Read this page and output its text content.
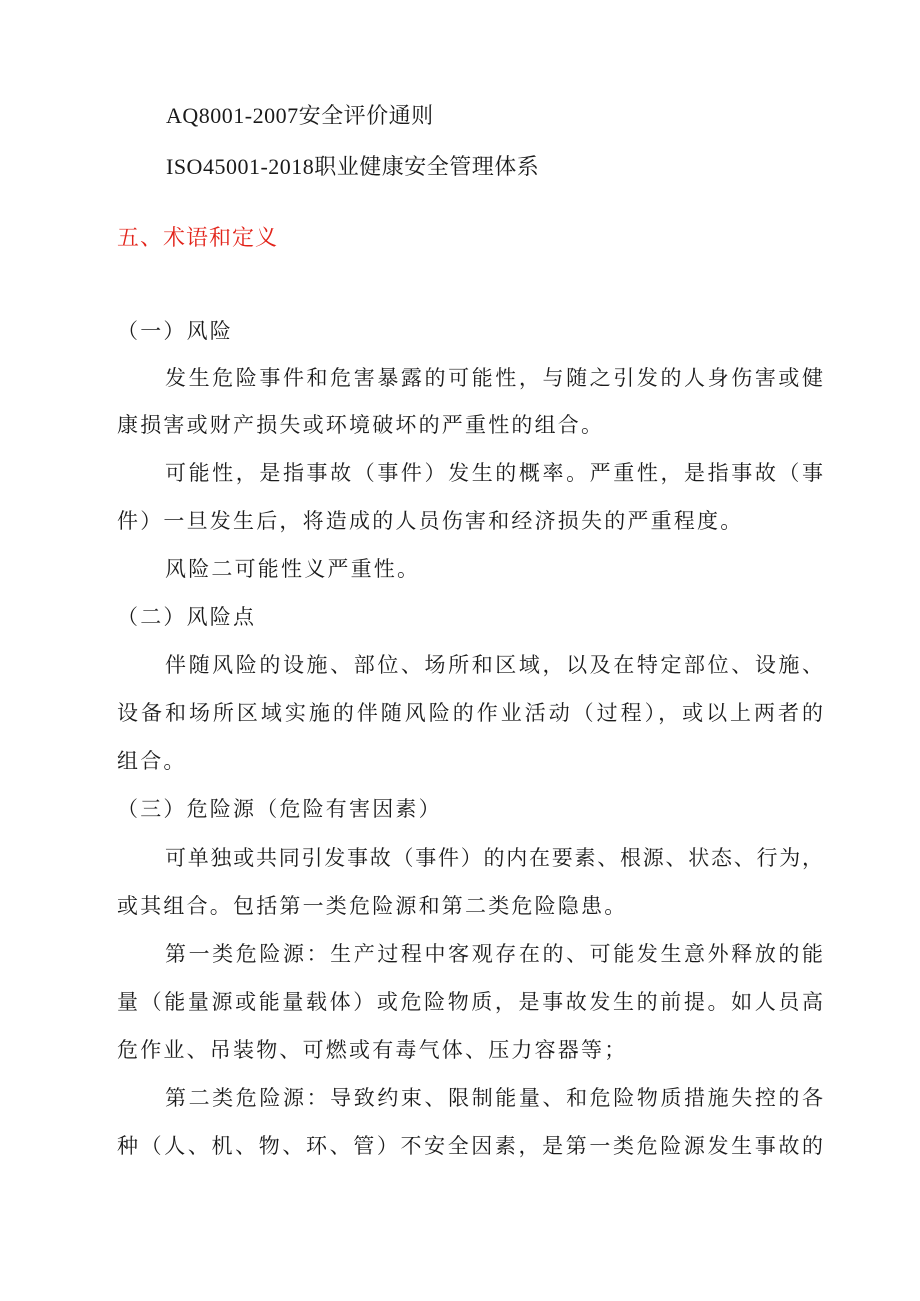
AQ8001-2007安全评价通则
ISO45001-2018职业健康安全管理体系
五、术语和定义
（一）风险
发生危险事件和危害暴露的可能性，与随之引发的人身伤害或健
康损害或财产损失或环境破坏的严重性的组合。
可能性，是指事故（事件）发生的概率。严重性，是指事故（事
件）一旦发生后，将造成的人员伤害和经济损失的严重程度。
风险二可能性义严重性。
（二）风险点
伴随风险的设施、部位、场所和区域，以及在特定部位、设施、
设备和场所区域实施的伴随风险的作业活动（过程），或以上两者的
组合。
（三）危险源（危险有害因素）
可单独或共同引发事故（事件）的内在要素、根源、状态、行为，
或其组合。包括第一类危险源和第二类危险隐患。
第一类危险源：生产过程中客观存在的、可能发生意外释放的能
量（能量源或能量载体）或危险物质，是事故发生的前提。如人员高
危作业、吊装物、可燃或有毒气体、压力容器等；
第二类危险源：导致约束、限制能量、和危险物质措施失控的各
种（人、机、物、环、管）不安全因素，是第一类危险源发生事故的
